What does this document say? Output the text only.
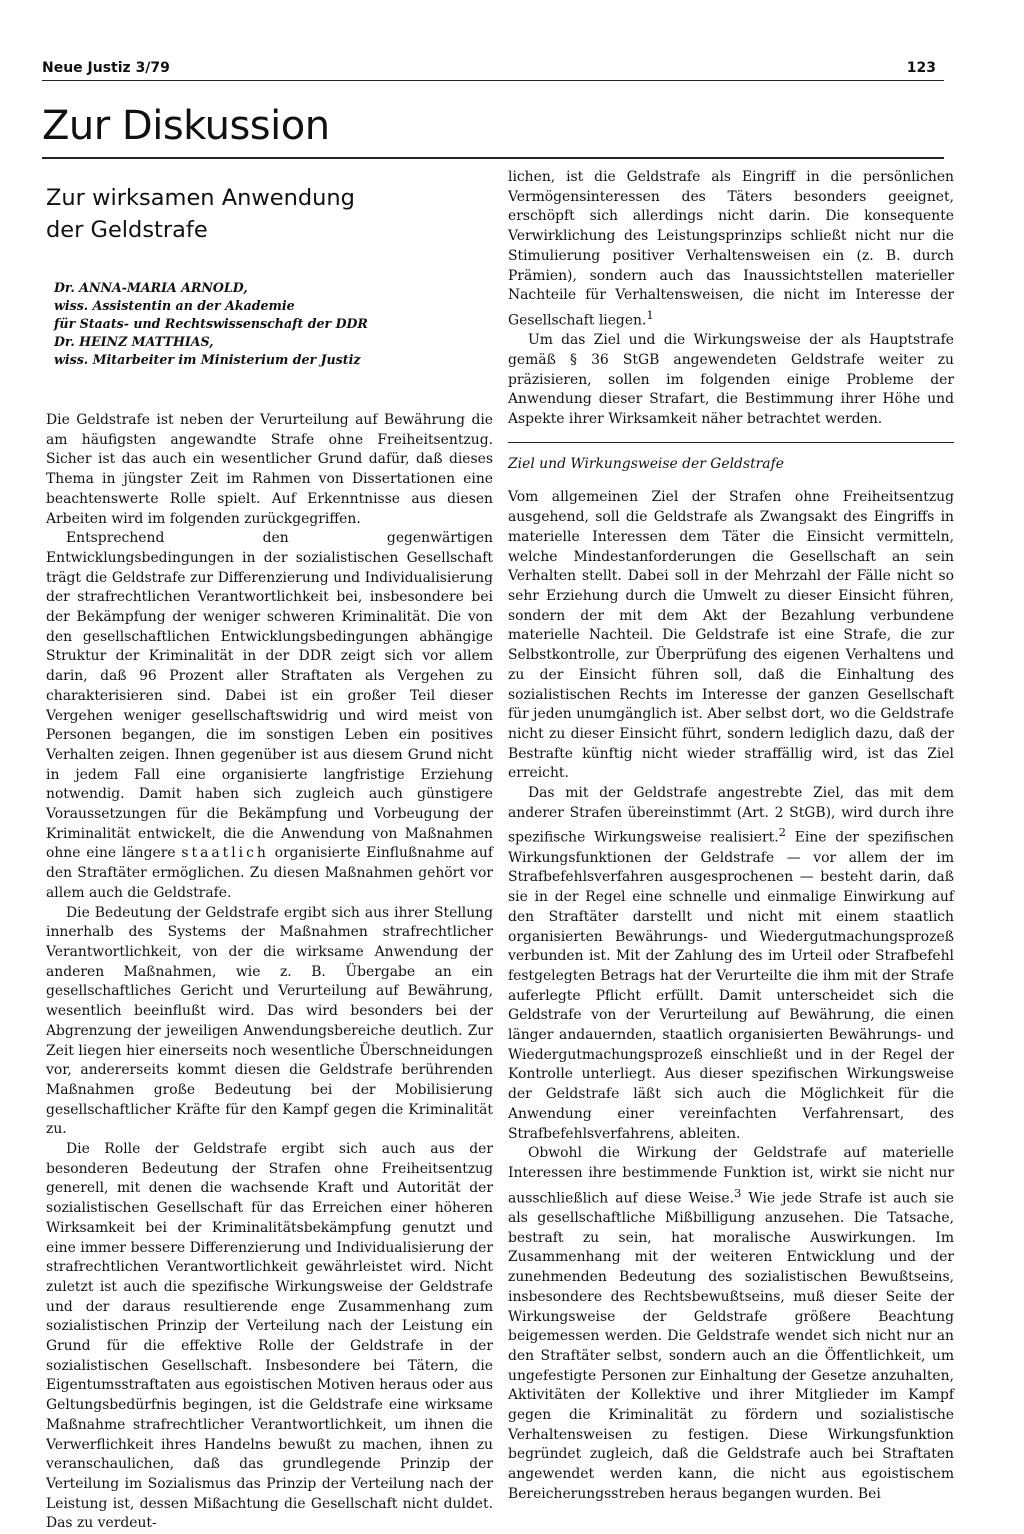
Neue Justiz 3/79	123
Zur Diskussion
Zur wirksamen Anwendung
der Geldstrafe

Dr. ANNA-MARIA ARNOLD,

wiss. Assistentin an der Akademie

für Staats- und Rechtswissenschaft der DDR

Dr. HEINZ MATTHIAS,

wiss. Mitarbeiter im Ministerium der Justiz

Die Geldstrafe ist neben der Verurteilung auf Bewährung die am häufigsten angewandte Strafe ohne Freiheitsentzug. Sicher ist das auch ein wesentlicher Grund dafür, daß dieses Thema in jüngster Zeit im Rahmen von Dissertationen eine beachtenswerte Rolle spielt. Auf Erkenntnisse aus diesen Arbeiten wird im folgenden zurückgegriffen.

Entsprechend den gegenwärtigen Entwicklungsbedingungen in der sozialistischen Gesellschaft trägt die Geldstrafe zur Differenzierung und Individualisierung der strafrechtlichen Verantwortlichkeit bei, insbesondere bei der Bekämpfung der weniger schweren Kriminalität. Die von den gesellschaftlichen Entwicklungsbedingungen abhängige Struktur der Kriminalität in der DDR zeigt sich vor allem darin, daß 96 Prozent aller Straftaten als Vergehen zu charakterisieren sind. Dabei ist ein großer Teil dieser Vergehen weniger gesellschaftswidrig und wird meist von Personen begangen, die im sonstigen Leben ein positives Verhalten zeigen. Ihnen gegenüber ist aus diesem Grund nicht in jedem Fall eine organisierte langfristige Erziehung notwendig. Damit haben sich zugleich auch günstigere Voraussetzungen für die Bekämpfung und Vorbeugung der Kriminalität entwickelt, die die Anwendung von Maßnahmen ohne eine längere staatlich organisierte Einflußnahme auf den Straftäter ermöglichen. Zu diesen Maßnahmen gehört vor allem auch die Geldstrafe.

Die Bedeutung der Geldstrafe ergibt sich aus ihrer Stellung innerhalb des Systems der Maßnahmen strafrechtlicher Verantwortlichkeit, von der die wirksame Anwendung der anderen Maßnahmen, wie z. B. Übergabe an ein gesellschaftliches Gericht und Verurteilung auf Bewährung, wesentlich beeinflußt wird. Das wird besonders bei der Abgrenzung der jeweiligen Anwendungsbereiche deutlich. Zur Zeit liegen hier einerseits noch wesentliche Überschneidungen vor, andererseits kommt diesen die Geldstrafe berührenden Maßnahmen große Bedeutung bei der Mobilisierung gesellschaftlicher Kräfte für den Kampf gegen die Kriminalität zu.

Die Rolle der Geldstrafe ergibt sich auch aus der besonderen Bedeutung der Strafen ohne Freiheitsentzug generell, mit denen die wachsende Kraft und Autorität der sozialistischen Gesellschaft für das Erreichen einer höheren Wirksamkeit bei der Kriminalitätsbekämpfung genutzt und eine immer bessere Differenzierung und Individualisierung der strafrechtlichen Verantwortlichkeit gewährleistet wird. Nicht zuletzt ist auch die spezifische Wirkungsweise der Geldstrafe und der daraus resultierende enge Zusammenhang zum sozialistischen Prinzip der Verteilung nach der Leistung ein Grund für die effektive Rolle der Geldstrafe in der sozialistischen Gesellschaft. Insbesondere bei Tätern, die Eigentumsstraftaten aus egoistischen Motiven heraus oder aus Geltungsbedürfnis begingen, ist die Geldstrafe eine wirksame Maßnahme strafrechtlicher Verantwortlichkeit, um ihnen die Verwerflichkeit ihres Handelns bewußt zu machen, ihnen zu veranschaulichen, daß das grundlegende Prinzip der Verteilung im Sozialismus das Prinzip der Verteilung nach der Leistung ist, dessen Mißachtung die Gesellschaft nicht duldet. Das zu verdeut-

lichen, ist die Geldstrafe als Eingriff in die persönlichen Vermögensinteressen des Täters besonders geeignet, erschöpft sich allerdings nicht darin. Die konsequente Verwirklichung des Leistungsprinzips schließt nicht nur die Stimulierung positiver Verhaltensweisen ein (z. B. durch Prämien), sondern auch das Inaussichtstellen materieller Nachteile für Verhaltensweisen, die nicht im Interesse der Gesellschaft liegen.$^1$

Um das Ziel und die Wirkungsweise der als Hauptstrafe gemäß § 36 StGB angewendeten Geldstrafe weiter zu präzisieren, sollen im folgenden einige Probleme der Anwendung dieser Strafart, die Bestimmung ihrer Höhe und Aspekte ihrer Wirksamkeit näher betrachtet werden.

Ziel und Wirkungsweise der Geldstrafe

Vom allgemeinen Ziel der Strafen ohne Freiheitsentzug ausgehend, soll die Geldstrafe als Zwangsakt des Eingriffs in materielle Interessen dem Täter die Einsicht vermitteln, welche Mindestanforderungen die Gesellschaft an sein Verhalten stellt. Dabei soll in der Mehrzahl der Fälle nicht so sehr Erziehung durch die Umwelt zu dieser Einsicht führen, sondern der mit dem Akt der Bezahlung verbundene materielle Nachteil. Die Geldstrafe ist eine Strafe, die zur Selbstkontrolle, zur Überprüfung des eigenen Verhaltens und zu der Einsicht führen soll, daß die Einhaltung des sozialistischen Rechts im Interesse der ganzen Gesellschaft für jeden unumgänglich ist. Aber selbst dort, wo die Geldstrafe nicht zu dieser Einsicht führt, sondern lediglich dazu, daß der Bestrafte künftig nicht wieder straffällig wird, ist das Ziel erreicht.

Das mit der Geldstrafe angestrebte Ziel, das mit dem anderer Strafen übereinstimmt (Art. 2 StGB), wird durch ihre spezifische Wirkungsweise realisiert.$^2$ Eine der spezifischen Wirkungsfunktionen der Geldstrafe — vor allem der im Strafbefehlsverfahren ausgesprochenen — besteht darin, daß sie in der Regel eine schnelle und einmalige Einwirkung auf den Straftäter darstellt und nicht mit einem staatlich organisierten Bewährungs- und Wiedergutmachungsprozeß verbunden ist. Mit der Zahlung des im Urteil oder Strafbefehl festgelegten Betrags hat der Verurteilte die ihm mit der Strafe auferlegte Pflicht erfüllt. Damit unterscheidet sich die Geldstrafe von der Verurteilung auf Bewährung, die einen länger andauernden, staatlich organisierten Bewährungs- und Wiedergutmachungsprozeß einschließt und in der Regel der Kontrolle unterliegt. Aus dieser spezifischen Wirkungsweise der Geldstrafe läßt sich auch die Möglichkeit für die Anwendung einer vereinfachten Verfahrensart, des Strafbefehlsverfahrens, ableiten.

Obwohl die Wirkung der Geldstrafe auf materielle Interessen ihre bestimmende Funktion ist, wirkt sie nicht nur ausschließlich auf diese Weise.$^3$ Wie jede Strafe ist auch sie als gesellschaftliche Mißbilligung anzusehen. Die Tatsache, bestraft zu sein, hat moralische Auswirkungen. Im Zusammenhang mit der weiteren Entwicklung und der zunehmenden Bedeutung des sozialistischen Bewußtseins, insbesondere des Rechtsbewußtseins, muß dieser Seite der Wirkungsweise der Geldstrafe größere Beachtung beigemessen werden. Die Geldstrafe wendet sich nicht nur an den Straftäter selbst, sondern auch an die Öffentlichkeit, um ungefestigte Personen zur Einhaltung der Gesetze anzuhalten, Aktivitäten der Kollektive und ihrer Mitglieder im Kampf gegen die Kriminalität zu fördern und sozialistische Verhaltensweisen zu festigen. Diese Wirkungsfunktion begründet zugleich, daß die Geldstrafe auch bei Straftaten angewendet werden kann, die nicht aus egoistischem Bereicherungsstreben heraus begangen wurden. Bei
